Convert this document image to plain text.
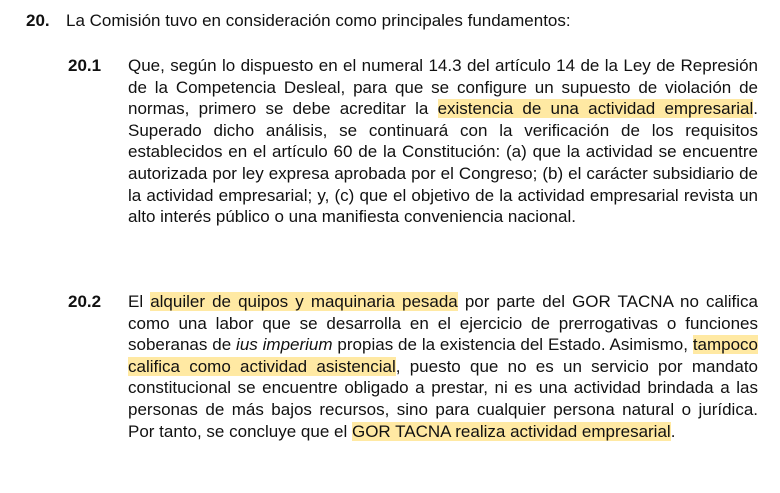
20. La Comisión tuvo en consideración como principales fundamentos:
20.1 Que, según lo dispuesto en el numeral 14.3 del artículo 14 de la Ley de Represión de la Competencia Desleal, para que se configure un supuesto de violación de normas, primero se debe acreditar la existencia de una actividad empresarial. Superado dicho análisis, se continuará con la verificación de los requisitos establecidos en el artículo 60 de la Constitución: (a) que la actividad se encuentre autorizada por ley expresa aprobada por el Congreso; (b) el carácter subsidiario de la actividad empresarial; y, (c) que el objetivo de la actividad empresarial revista un alto interés público o una manifiesta conveniencia nacional.
20.2 El alquiler de quipos y maquinaria pesada por parte del GOR TACNA no califica como una labor que se desarrolla en el ejercicio de prerrogativas o funciones soberanas de ius imperium propias de la existencia del Estado. Asimismo, tampoco califica como actividad asistencial, puesto que no es un servicio por mandato constitucional se encuentre obligado a prestar, ni es una actividad brindada a las personas de más bajos recursos, sino para cualquier persona natural o jurídica. Por tanto, se concluye que el GOR TACNA realiza actividad empresarial.
